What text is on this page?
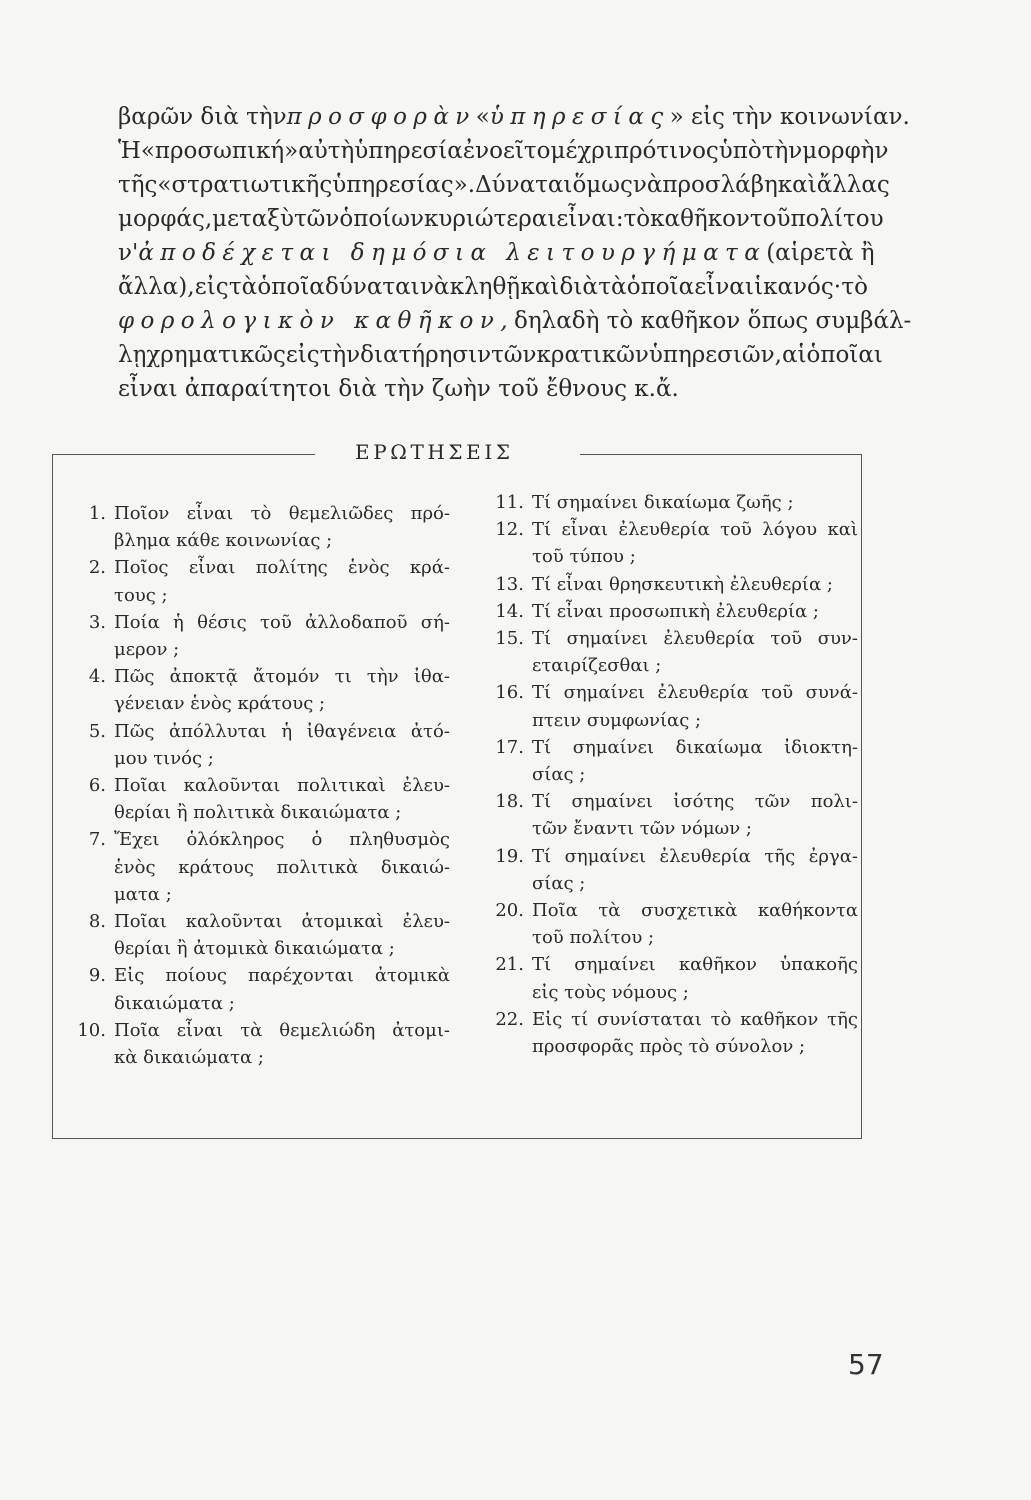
βαρῶν διὰ τὴν προσφορὰν « ὑπηρεσίας » εἰς τὴν κοινωνίαν.
Ἡ «προσωπική» αὐτὴ ὑπηρεσία ἐνοεῖτο μέχρι πρό τινος ὑπὸ τὴν μορφὴν
τῆς «στρατιωτικῆς ὑπηρεσίας». Δύναται ὅμως νὰ προσλάβη καὶ ἄλλας
μορφάς, μεταξὺ τῶν ὁποίων κυριώτεραι εἶναι : τὸ καθῆκον τοῦ πολίτου
ν' ἀποδέχεται δημόσια λειτουργήματα (αἱρετὰ ἢ
ἄλλα), εἰς τὰ ὁποῖα δύναται νὰ κληθῇ καὶ διὰ τὰ ὁποῖα εἶναι ἱκανός· τὸ
φορολογικὸν καθῆκον, δηλαδὴ τὸ καθῆκον ὅπως συμβάλ-
λῃ χρηματικῶς εἰς τὴν διατήρησιν τῶν κρατικῶν ὑπηρεσιῶν, αἱ ὁποῖαι
εἶναι ἀπαραίτητοι διὰ τὴν ζωὴν τοῦ ἔθνους κ.ἄ.
ΕΡΩΤΗΣΕΙΣ
1. Ποῖον εἶναι τὸ θεμελιῶδες πρό-
βλημα κάθε κοινωνίας ;
2. Ποῖος εἶναι πολίτης ἑνὸς κρά-
τους ;
3. Ποία ἡ θέσις τοῦ ἀλλοδαποῦ σή-
μερον ;
4. Πῶς ἀποκτᾷ ἄτομόν τι τὴν ἰθα-
γένειαν ἑνὸς κράτους ;
5. Πῶς ἀπόλλυται ἡ ἰθαγένεια ἀτό-
μου τινός ;
6. Ποῖαι καλοῦνται πολιτικαὶ ἐλευ-
θερίαι ἢ πολιτικὰ δικαιώματα ;
7. Ἔχει ὁλόκληρος ὁ πληθυσμὸς
ἑνὸς κράτους πολιτικὰ δικαιώ-
ματα ;
8. Ποῖαι καλοῦνται ἀτομικαὶ ἐλευ-
θερίαι ἢ ἀτομικὰ δικαιώματα ;
9. Εἰς ποίους παρέχονται ἀτομικὰ
δικαιώματα ;
10. Ποῖα εἶναι τὰ θεμελιώδη ἀτομι-
κὰ δικαιώματα ;
11. Τί σημαίνει δικαίωμα ζωῆς ;
12. Τί εἶναι ἐλευθερία τοῦ λόγου καὶ
τοῦ τύπου ;
13. Τί εἶναι θρησκευτικὴ ἐλευθερία ;
14. Τί εἶναι προσωπικὴ ἐλευθερία ;
15. Τί σημαίνει ἐλευθερία τοῦ συν-
εταιρίζεσθαι ;
16. Τί σημαίνει ἐλευθερία τοῦ συνά-
πτειν συμφωνίας ;
17. Τί σημαίνει δικαίωμα ἰδιοκτη-
σίας ;
18. Τί σημαίνει ἰσότης τῶν πολι-
τῶν ἔναντι τῶν νόμων ;
19. Τί σημαίνει ἐλευθερία τῆς ἐργα-
σίας ;
20. Ποῖα τὰ συσχετικὰ καθήκοντα
τοῦ πολίτου ;
21. Τί σημαίνει καθῆκον ὑπακοῆς
εἰς τοὺς νόμους ;
22. Εἰς τί συνίσταται τὸ καθῆκον τῆς
προσφορᾶς πρὸς τὸ σύνολον ;
57
